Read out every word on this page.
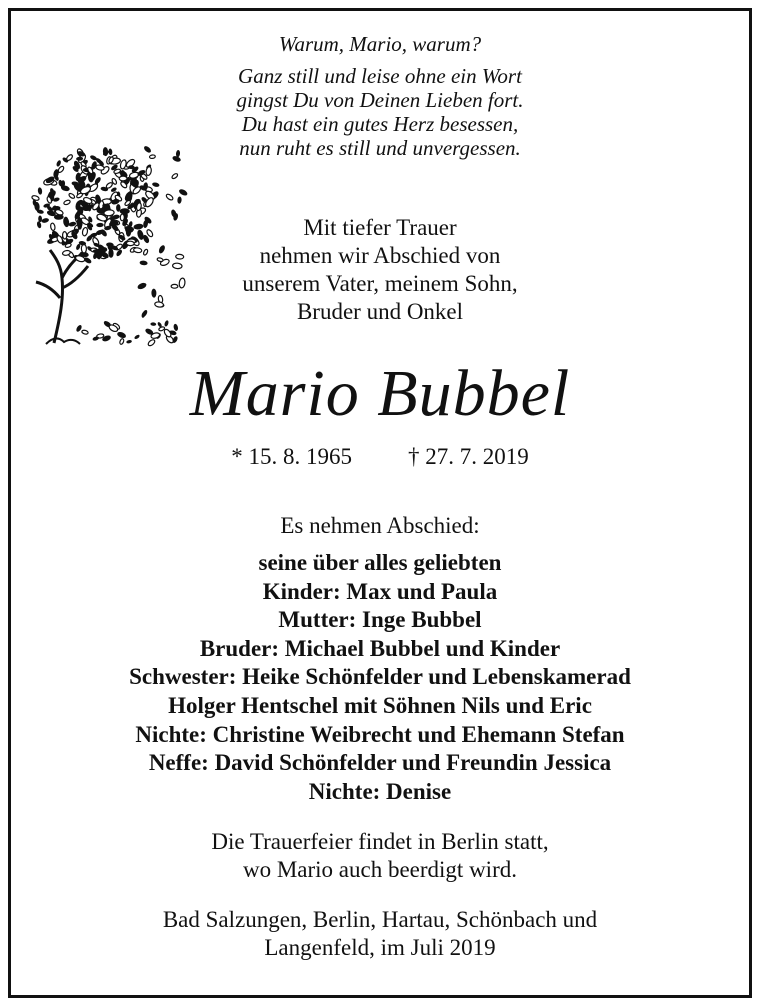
Warum, Mario, warum?
Ganz still und leise ohne ein Wort
gingst Du von Deinen Lieben fort.
Du hast ein gutes Herz besessen,
nun ruht es still und unvergessen.
Mit tiefer Trauer
nehmen wir Abschied von
unserem Vater, meinem Sohn,
Bruder und Onkel
Mario Bubbel
* 15. 8. 1965 † 27. 7. 2019
Es nehmen Abschied:
seine über alles geliebten
Kinder: Max und Paula
Mutter: Inge Bubbel
Bruder: Michael Bubbel und Kinder
Schwester: Heike Schönfelder und Lebenskamerad
Holger Hentschel mit Söhnen Nils und Eric
Nichte: Christine Weibrecht und Ehemann Stefan
Neffe: David Schönfelder und Freundin Jessica
Nichte: Denise
Die Trauerfeier findet in Berlin statt,
wo Mario auch beerdigt wird.
Bad Salzungen, Berlin, Hartau, Schönbach und
Langenfeld, im Juli 2019
